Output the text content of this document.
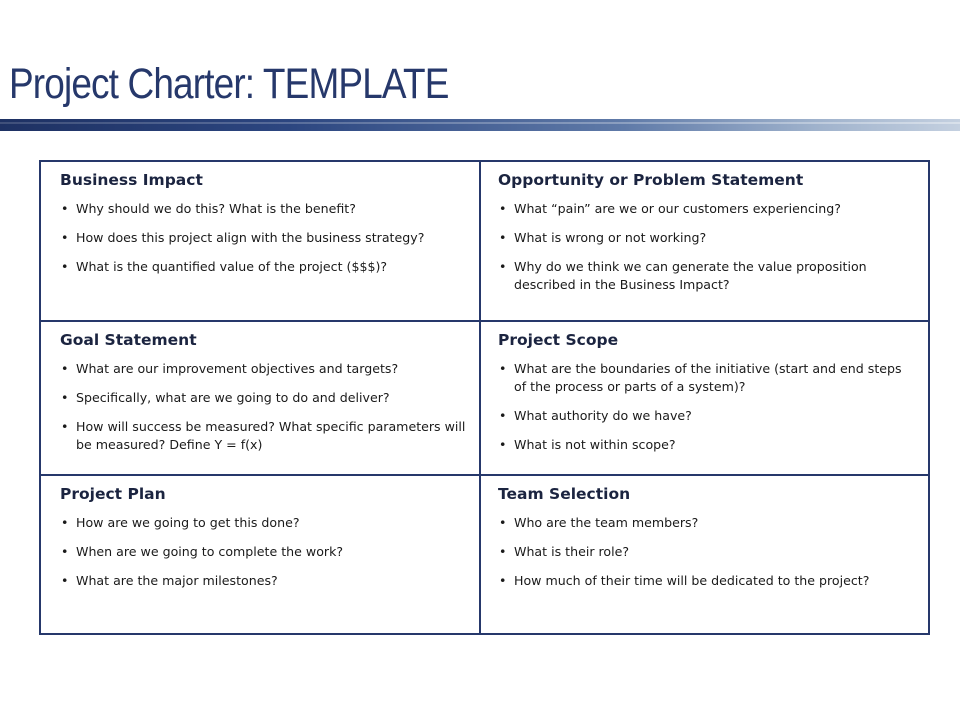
Project Charter: TEMPLATE
Business Impact
• Why should we do this? What is the benefit?
• How does this project align with the business strategy?
• What is the quantified value of the project ($$$)?
Opportunity or Problem Statement
• What “pain” are we or our customers experiencing?
• What is wrong or not working?
• Why do we think we can generate the value proposition described in the Business Impact?
Goal Statement
• What are our improvement objectives and targets?
• Specifically, what are we going to do and deliver?
• How will success be measured? What specific parameters will be measured? Define Y = f(x)
Project Scope
• What are the boundaries of the initiative (start and end steps of the process or parts of a system)?
• What authority do we have?
• What is not within scope?
Project Plan
• How are we going to get this done?
• When are we going to complete the work?
• What are the major milestones?
Team Selection
• Who are the team members?
• What is their role?
• How much of their time will be dedicated to the project?
